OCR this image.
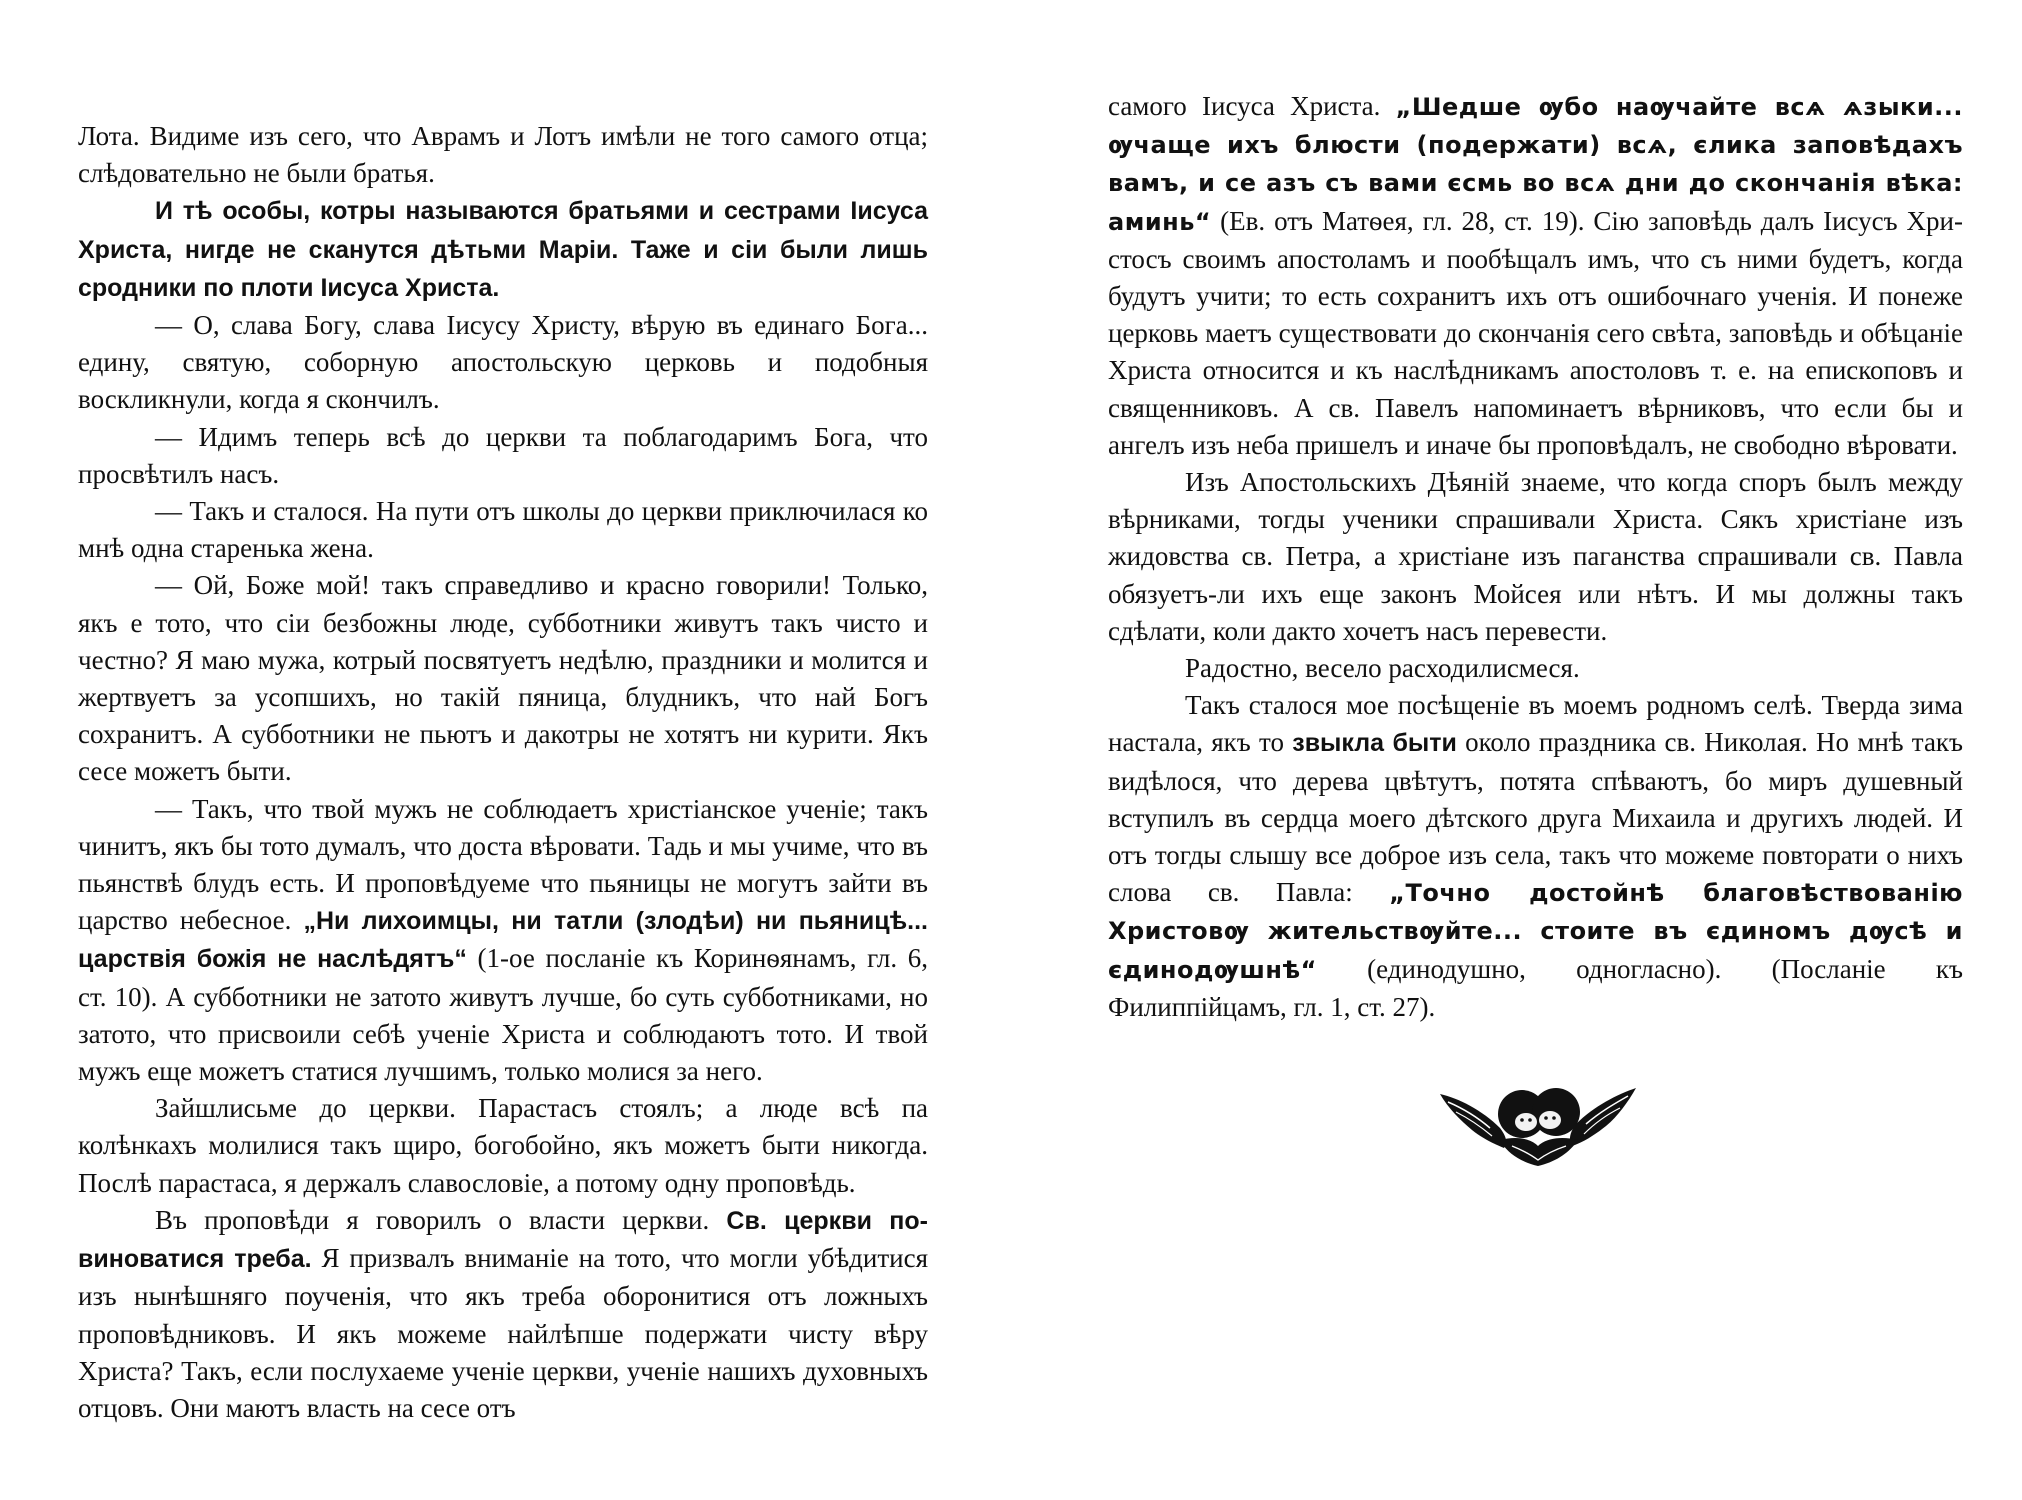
Лота. Видиме изъ сего, что Аврамъ и Лотъ имѣли не того самого отца; слѣдовательно не были братья.

И тѣ особы, котры называются братьями и сестрами Іисуса Христа, нигде не сканутся дѣтьми Маріи. Таже и сіи были лишь сродники по плоти Іисуса Христа.

— О, слава Богу, слава Іисусу Христу, вѣрую въ единаго Бога... едину, святую, соборную апостольскую церковь и подобныя воскликнули, когда я скончилъ.

— Идимъ теперь всѣ до церкви та поблагодаримъ Бога, что просвѣтилъ насъ.

— Такъ и сталося. На пути отъ школы до церкви приключилася ко мнѣ одна старенька жена.

— Ой, Боже мой! такъ справедливо и красно говорили! Только, якъ е тото, что сіи безбожны люде, субботники живутъ такъ чисто и честно? Я маю мужа, котрый посвятуетъ недѣлю, праздники и молится и жертвуетъ за усопшихъ, но такій пяница, блудникъ, что най Богъ сохранитъ. А субботники не пьютъ и дакотры не хотятъ ни курити. Якъ сесе можетъ быти.

— Такъ, что твой мужъ не соблюдаетъ христіанское ученіе; такъ чинитъ, якъ бы тото думалъ, что доста вѣровати. Тадь и мы учиме, что въ пьянствѣ блудъ есть. И проповѣдуеме что пьяницы не могутъ зайти въ царство небесное. „Ни лихоимцы, ни татли (злодѣи) ни пьяницѣ... царствія божія не наслѣдятъ“ (1-ое посланіе къ Коринѳянамъ, гл. 6, ст. 10). А субботники не затото живутъ лучше, бо суть субботниками, но затото, что присвоили себѣ ученіе Христа и соблюдаютъ тото. И твой мужъ еще можетъ статися лучшимъ, только молися за него.

Зайшлисьме до церкви. Парастасъ стоялъ; а люде всѣ па колѣнкахъ молилися такъ щиро, богобойно, якъ можетъ быти никогда. Послѣ парастаса, я держалъ славословіе, а потому одну проповѣдь.

Въ проповѣди я говорилъ о власти церкви. Св. церкви повиноватися треба. Я призвалъ вниманіе на тото, что могли убѣдитися изъ нынѣшняго поученія, что якъ треба оборонитися отъ ложныхъ проповѣдниковъ. И якъ можеме найлѣпше подержати чисту вѣру Христа? Такъ, если послухаеме ученіе церкви, ученіе нашихъ духовныхъ отцовъ. Они маютъ власть на сесе отъ

самого Іисуса Христа. „Шедше ѹбо наѹчайте всѧ ѧзыки... ѹчаще ихъ блюсти (подержати) всѧ, єлика заповѣдахъ вамъ, и се азъ съ вами єсмь во всѧ дни до скончанія вѣка: аминь“ (Ев. отъ Матѳея, гл. 28, ст. 19). Сію заповѣдь далъ Іисусъ Христосъ своимъ апостоламъ и пообѣщалъ имъ, что съ ними будетъ, когда будутъ учити; то есть сохранитъ ихъ отъ ошибочнаго ученія. И понеже церковь маетъ существовати до скончанія сего свѣта, заповѣдь и обѣцаніе Христа относится и къ наслѣдникамъ апостоловъ т. е. на епископовъ и священниковъ. А св. Павелъ напоминаетъ вѣрниковъ, что если бы и ангелъ изъ неба пришелъ и иначе бы проповѣдалъ, не свободно вѣровати.

Изъ Апостольскихъ Дѣяній знаеме, что когда споръ былъ между вѣрниками, тогды ученики спрашивали Христа. Сякъ христіане изъ жидовства св. Петра, а христіане изъ паганства спрашивали св. Павла обязуетъ-ли ихъ еще законъ Мойсея или нѣтъ. И мы должны такъ сдѣлати, коли дакто хочетъ насъ перевести.

Радостно, весело расходилисмеся.

Такъ сталося мое посѣщеніе въ моемъ родномъ селѣ. Тверда зима настала, якъ то звыкла быти около праздника св. Николая. Но мнѣ такъ видѣлося, что дерева цвѣтутъ, потята спѣваютъ, бо миръ душевный вступилъ въ сердца моего дѣтского друга Михаила и другихъ людей. И отъ тогды слышу все доброе изъ села, такъ что можеме повторати о нихъ слова св. Павла: „Точно достойнѣ благовѣствованію Христовѹ жительствѹйте... стоите въ єдиномъ дѹсѣ и єдинодѹшнѣ“ (единодушно, одногласно). (Посланіе къ Филиппійцамъ, гл. 1, ст. 27).
